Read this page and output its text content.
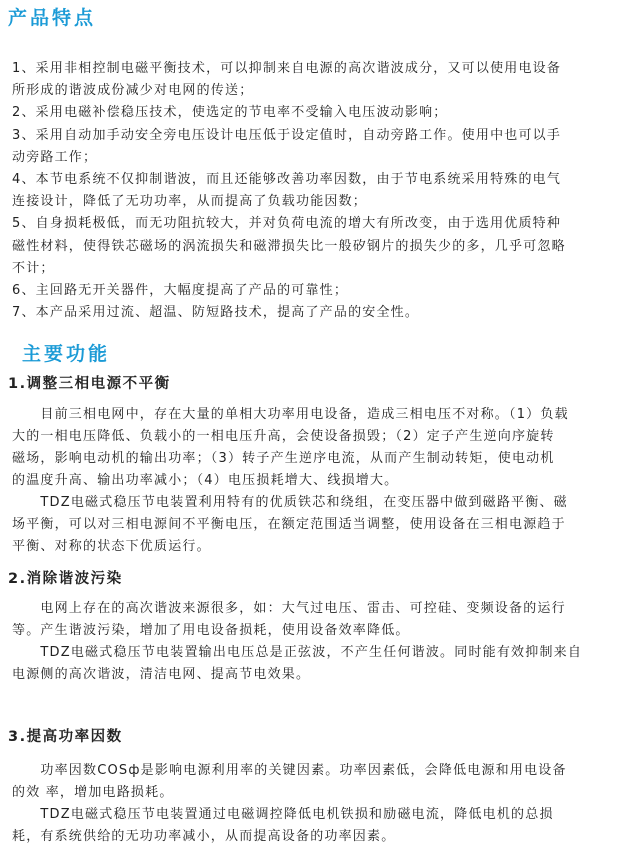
产品特点

1、采用非相控制电磁平衡技术，可以抑制来自电源的高次谐波成分，又可以使用电设备

所形成的谐波成份减少对电网的传送；

2、采用电磁补偿稳压技术，使选定的节电率不受输入电压波动影响；

3、采用自动加手动安全旁电压设计电压低于设定值时，自动旁路工作。使用中也可以手

动旁路工作；

4、本节电系统不仅抑制谐波，而且还能够改善功率因数，由于节电系统采用特殊的电气

连接设计，降低了无功功率，从而提高了负载功能因数；

5、自身损耗极低，而无功阻抗较大，并对负荷电流的增大有所改变，由于选用优质特种

磁性材料，使得铁芯磁场的涡流损失和磁滞损失比一般矽钢片的损失少的多，几乎可忽略

不计；

6、主回路无开关器件，大幅度提高了产品的可靠性；

7、本产品采用过流、超温、防短路技术，提高了产品的安全性。

主要功能
1.调整三相电源不平衡

　　目前三相电网中，存在大量的单相大功率用电设备，造成三相电压不对称。（1）负载

大的一相电压降低、负载小的一相电压升高，会使设备损毁；（2）定子产生逆向序旋转

磁场，影响电动机的输出功率；（3）转子产生逆序电流，从而产生制动转矩，使电动机

的温度升高、输出功率减小；（4）电压损耗增大、线损增大。

　　TDZ电磁式稳压节电装置利用特有的优质铁芯和绕组，在变压器中做到磁路平衡、磁

场平衡，可以对三相电源间不平衡电压，在额定范围适当调整，使用设备在三相电源趋于

平衡、对称的状态下优质运行。

2.消除谐波污染

　　电网上存在的高次谐波来源很多，如：大气过电压、雷击、可控硅、变频设备的运行

等。产生谐波污染，增加了用电设备损耗，使用设备效率降低。

　　TDZ电磁式稳压节电装置输出电压总是正弦波，不产生任何谐波。同时能有效抑制来自

电源侧的高次谐波，清洁电网、提高节电效果。

3.提高功率因数

　　功率因数COSф是影响电源利用率的关键因素。功率因素低，会降低电源和用电设备

的效 率，增加电路损耗。

　　TDZ电磁式稳压节电装置通过电磁调控降低电机铁损和励磁电流，降低电机的总损

耗，有系统供给的无功功率减小，从而提高设备的功率因素。
